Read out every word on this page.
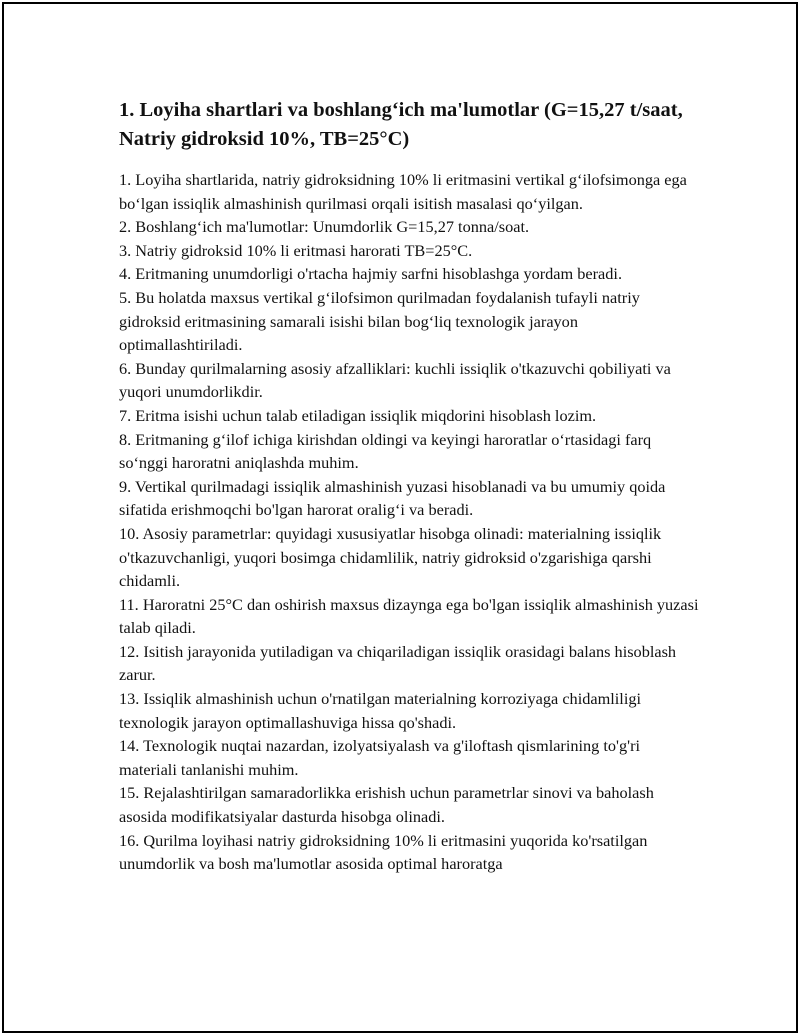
1. Loyiha shartlari va boshlang‘ich ma'lumotlar (G=15,27 t/saat, Natriy gidroksid 10%, TB=25°C)
1. Loyiha shartlarida, natriy gidroksidning 10% li eritmasini vertikal g‘ilofsimonga ega bo‘lgan issiqlik almashinish qurilmasi orqali isitish masalasi qo‘yilgan.
2. Boshlang‘ich ma'lumotlar: Unumdorlik G=15,27 tonna/soat.
3. Natriy gidroksid 10% li eritmasi harorati TB=25°C.
4. Eritmaning unumdorligi o'rtacha hajmiy sarfni hisoblashga yordam beradi.
5. Bu holatda maxsus vertikal g‘ilofsimon qurilmadan foydalanish tufayli natriy gidroksid eritmasining samarali isishi bilan bog‘liq texnologik jarayon optimallashtiriladi.
6. Bunday qurilmalarning asosiy afzalliklari: kuchli issiqlik o'tkazuvchi qobiliyati va yuqori unumdorlikdir.
7. Eritma isishi uchun talab etiladigan issiqlik miqdorini hisoblash lozim.
8. Eritmaning g‘ilof ichiga kirishdan oldingi va keyingi haroratlar o‘rtasidagi farq so‘nggi haroratni aniqlashda muhim.
9. Vertikal qurilmadagi issiqlik almashinish yuzasi hisoblanadi va bu umumiy qoida sifatida erishmoqchi bo'lgan harorat oralig‘i va beradi.
10. Asosiy parametrlar: quyidagi xususiyatlar hisobga olinadi: materialning issiqlik o'tkazuvchanligi, yuqori bosimga chidamlilik, natriy gidroksid o'zgarishiga qarshi chidamli.
11. Haroratni 25°C dan oshirish maxsus dizaynga ega bo'lgan issiqlik almashinish yuzasi talab qiladi.
12. Isitish jarayonida yutiladigan va chiqariladigan issiqlik orasidagi balans hisoblash zarur.
13. Issiqlik almashinish uchun o'rnatilgan materialning korroziyaga chidamliligi texnologik jarayon optimallashuviga hissa qo'shadi.
14. Texnologik nuqtai nazardan, izolyatsiyalash va g'iloftash qismlarining to'g'ri materiali tanlanishi muhim.
15. Rejalashtirilgan samaradorlikka erishish uchun parametrlar sinovi va baholash asosida modifikatsiyalar dasturda hisobga olinadi.
16. Qurilma loyihasi natriy gidroksidning 10% li eritmasini yuqorida ko'rsatilgan unumdorlik va bosh ma'lumotlar asosida optimal haroratga
